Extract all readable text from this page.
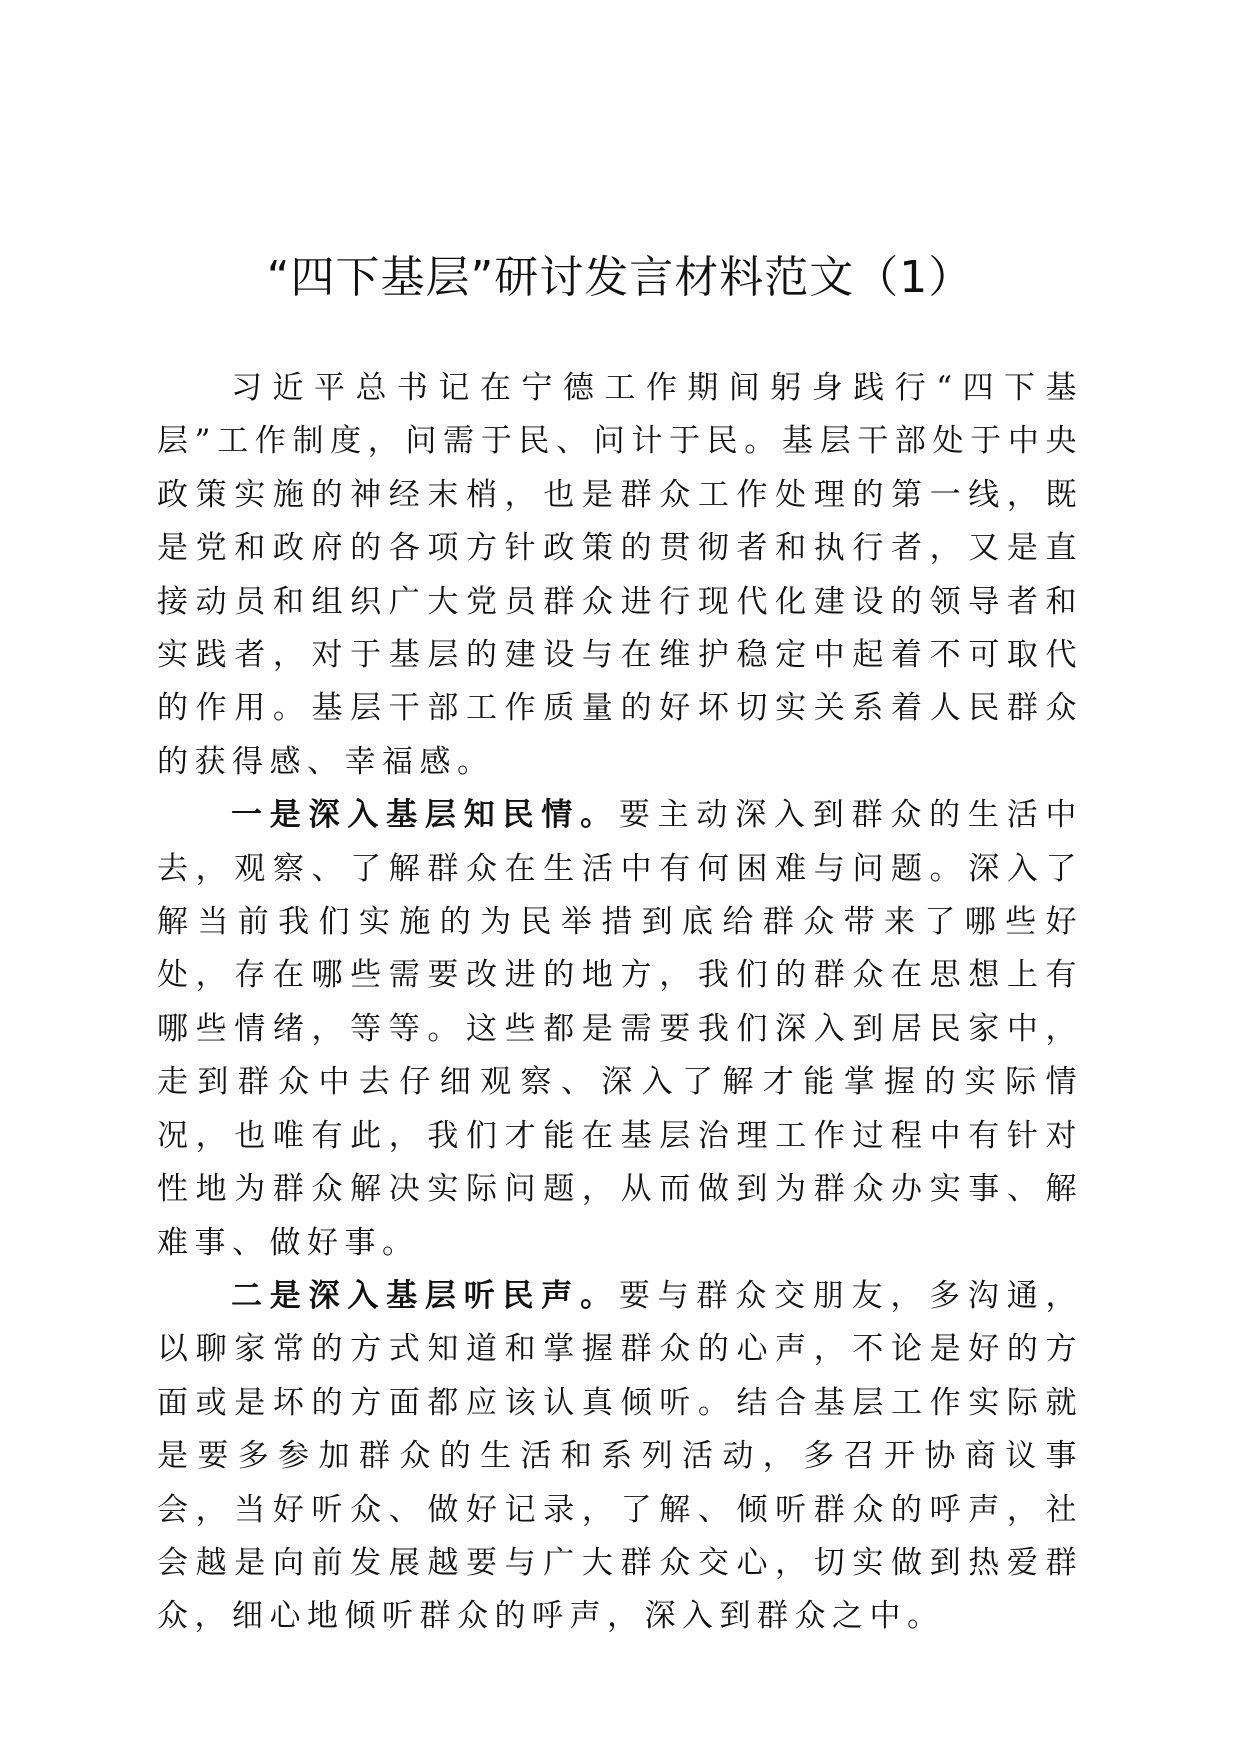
“四下基层”研讨发言材料范文（1）

习近平总书记在宁德工作期间躬身践行“四下基层”工作制度，问需于民、问计于民。基层干部处于中央政策实施的神经末梢，也是群众工作处理的第一线，既是党和政府的各项方针政策的贯彻者和执行者，又是直接动员和组织广大党员群众进行现代化建设的领导者和实践者，对于基层的建设与在维护稳定中起着不可取代的作用。基层干部工作质量的好坏切实关系着人民群众的获得感、幸福感。

一是深入基层知民情。要主动深入到群众的生活中去，观察、了解群众在生活中有何困难与问题。深入了解当前我们实施的为民举措到底给群众带来了哪些好处，存在哪些需要改进的地方，我们的群众在思想上有哪些情绪，等等。这些都是需要我们深入到居民家中，走到群众中去仔细观察、深入了解才能掌握的实际情况，也唯有此，我们才能在基层治理工作过程中有针对性地为群众解决实际问题，从而做到为群众办实事、解难事、做好事。

二是深入基层听民声。要与群众交朋友，多沟通，以聊家常的方式知道和掌握群众的心声，不论是好的方面或是坏的方面都应该认真倾听。结合基层工作实际就是要多参加群众的生活和系列活动，多召开协商议事会，当好听众、做好记录，了解、倾听群众的呼声，社会越是向前发展越要与广大群众交心，切实做到热爱群众，细心地倾听群众的呼声，深入到群众之中。
